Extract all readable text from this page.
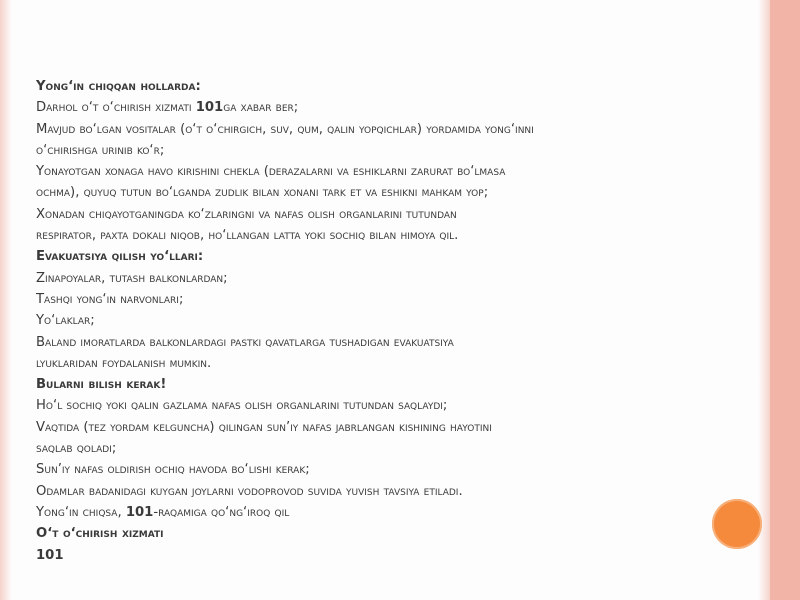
Yong‘in chiqqan hollarda:
Darhol o‘t o‘chirish xizmati 101ga xabar ber;
Mavjud bo‘lgan vositalar (o‘t o‘chirgich, suv, qum, qalin yopqichlar) yordamida yong‘inni
o‘chirishga urinib ko‘r;
Yonayotgan xonaga havo kirishini chekla (derazalarni va eshiklarni zarurat bo‘lmasa
ochma), quyuq tutun bo‘lganda zudlik bilan xonani tark et va eshikni mahkam yop;
Xonadan chiqayotganingda ko‘zlaringni va nafas olish organlarini tutundan
respirator, paxta dokali niqob, ho‘llangan latta yoki sochiq bilan himoya qil.
Evakuatsiya qilish yo‘llari:
Zinapoyalar, tutash balkonlardan;
Tashqi yong‘in narvonlari;
Yo‘laklar;
Baland imoratlarda balkonlardagi pastki qavatlarga tushadigan evakuatsiya
lyuklaridan foydalanish mumkin.
Bularni bilish kerak!
Ho‘l sochiq yoki qalin gazlama nafas olish organlarini tutundan saqlaydi;
Vaqtida (tez yordam kelguncha) qilingan sun’iy nafas jabrlangan kishining hayotini
saqlab qoladi;
Sun’iy nafas oldirish ochiq havoda bo‘lishi kerak;
Odamlar badanidagi kuygan joylarni vodoprovod suvida yuvish tavsiya etiladi.
Yong‘in chiqsa, 101-raqamiga qo‘ng‘iroq qil
O‘t o‘chirish xizmati
101
